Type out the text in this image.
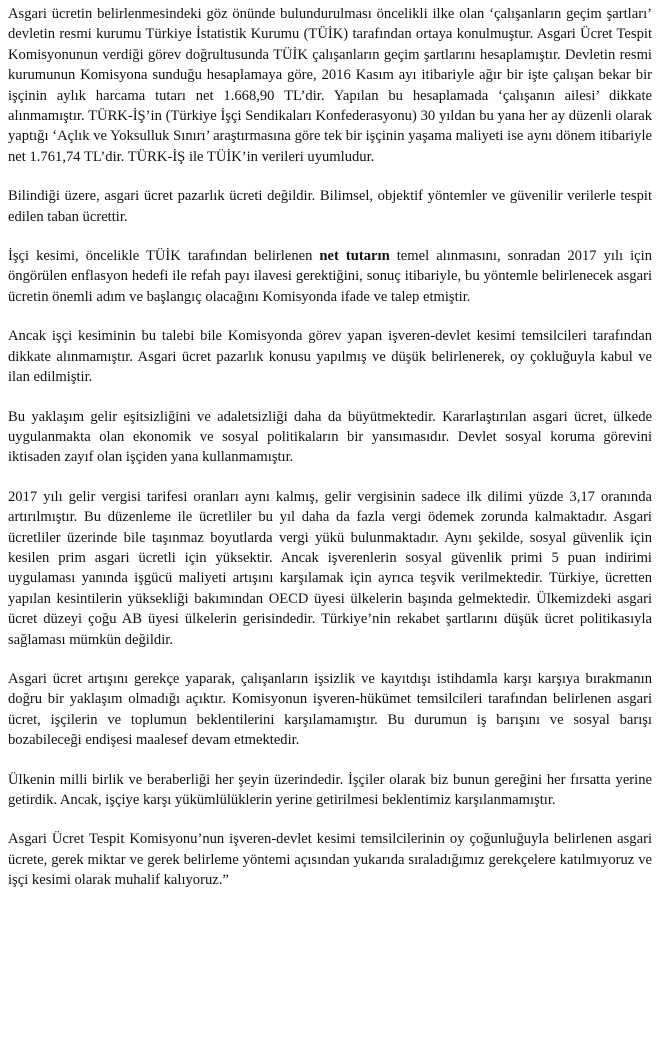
Asgari ücretin belirlenmesindeki göz önünde bulundurulması öncelikli ilke olan ‘çalışanların geçim şartları’ devletin resmi kurumu Türkiye İstatistik Kurumu (TÜİK) tarafından ortaya konulmuştur. Asgari Ücret Tespit Komisyonunun verdiği görev doğrultusunda TÜİK çalışanların geçim şartlarını hesaplamıştır. Devletin resmi kurumunun Komisyona sunduğu hesaplamaya göre, 2016 Kasım ayı itibariyle ağır bir işte çalışan bekar bir işçinin aylık harcama tutarı net 1.668,90 TL’dir. Yapılan bu hesaplamada ‘çalışanın ailesi’ dikkate alınmamıştır. TÜRK-İŞ’in (Türkiye İşçi Sendikaları Konfederasyonu) 30 yıldan bu yana her ay düzenli olarak yaptığı ‘Açlık ve Yoksulluk Sınırı’ araştırmasına göre tek bir işçinin yaşama maliyeti ise aynı dönem itibariyle net 1.761,74 TL’dir. TÜRK-İŞ ile TÜİK’in verileri uyumludur.

Bilindiği üzere, asgari ücret pazarlık ücreti değildir. Bilimsel, objektif yöntemler ve güvenilir verilerle tespit edilen taban ücrettir.

İşçi kesimi, öncelikle TÜİK tarafından belirlenen net tutarın temel alınmasını, sonradan 2017 yılı için öngörülen enflasyon hedefi ile refah payı ilavesi gerektiğini, sonuç itibariyle, bu yöntemle belirlenecek asgari ücretin önemli adım ve başlangıç olacağını Komisyonda ifade ve talep etmiştir.

Ancak işçi kesiminin bu talebi bile Komisyonda görev yapan işveren-devlet kesimi temsilcileri tarafından dikkate alınmamıştır. Asgari ücret pazarlık konusu yapılmış ve düşük belirlenerek, oy çokluğuyla kabul ve ilan edilmiştir.

Bu yaklaşım gelir eşitsizliğini ve adaletsizliği daha da büyütmektedir. Kararlaştırılan asgari ücret, ülkede uygulanmakta olan ekonomik ve sosyal politikaların bir yansımasıdır. Devlet sosyal koruma görevini iktisaden zayıf olan işçiden yana kullanmamıştır.

2017 yılı gelir vergisi tarifesi oranları aynı kalmış, gelir vergisinin sadece ilk dilimi yüzde 3,17 oranında artırılmıştır. Bu düzenleme ile ücretliler bu yıl daha da fazla vergi ödemek zorunda kalmaktadır. Asgari ücretliler üzerinde bile taşınmaz boyutlarda vergi yükü bulunmaktadır. Aynı şekilde, sosyal güvenlik için kesilen prim asgari ücretli için yüksektir. Ancak işverenlerin sosyal güvenlik primi 5 puan indirimi uygulaması yanında işgücü maliyeti artışını karşılamak için ayrıca teşvik verilmektedir. Türkiye, ücretten yapılan kesintilerin yüksekliği bakımından OECD üyesi ülkelerin başında gelmektedir. Ülkemizdeki asgari ücret düzeyi çoğu AB üyesi ülkelerin gerisindedir. Türkiye’nin rekabet şartlarını düşük ücret politikasıyla sağlaması mümkün değildir.

Asgari ücret artışını gerekçe yaparak, çalışanların işsizlik ve kayıtdışı istihdamla karşı karşıya bırakmanın doğru bir yaklaşım olmadığı açıktır. Komisyonun işveren-hükümet temsilcileri tarafından belirlenen asgari ücret, işçilerin ve toplumun beklentilerini karşılamamıştır. Bu durumun iş barışını ve sosyal barışı bozabileceği endişesi maalesef devam etmektedir.

Ülkenin milli birlik ve beraberliği her şeyin üzerindedir. İşçiler olarak biz bunun gereğini her fırsatta yerine getirdik. Ancak, işçiye karşı yükümlülüklerin yerine getirilmesi beklentimiz karşılanmamıştır.

Asgari Ücret Tespit Komisyonu’nun işveren-devlet kesimi temsilcilerinin oy çoğunluğuyla belirlenen asgari ücrete, gerek miktar ve gerek belirleme yöntemi açısından yukarıda sıraladığımız gerekçelere katılmıyoruz ve işçi kesimi olarak muhalif kalıyoruz.”
